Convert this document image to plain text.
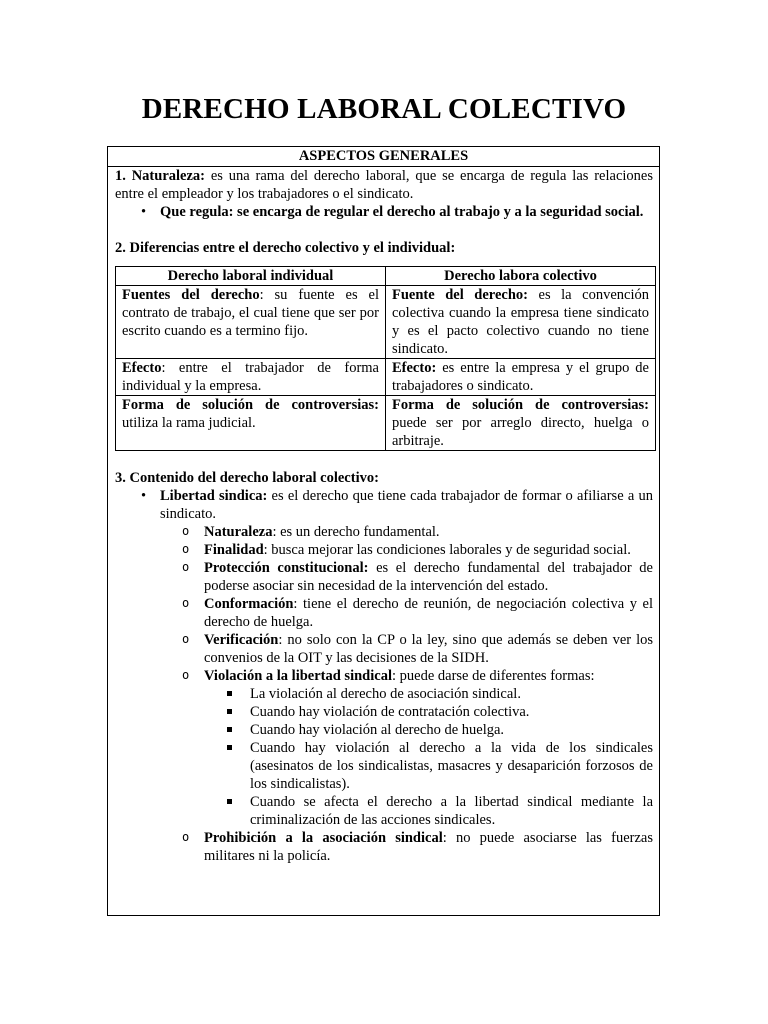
DERECHO LABORAL COLECTIVO
ASPECTOS GENERALES

1. Naturaleza: es una rama del derecho laboral, que se encarga de regula las relaciones entre el empleador y los trabajadores o el sindicato.

• Que regula: se encarga de regular el derecho al trabajo y a la seguridad social.

2. Diferencias entre el derecho colectivo y el individual:

Derecho laboral individual	Derecho labora colectivo
Fuentes del derecho: su fuente es el contrato de trabajo, el cual tiene que ser por escrito cuando es a termino fijo.	Fuente del derecho: es la convención colectiva cuando la empresa tiene sindicato y es el pacto colectivo cuando no tiene sindicato.
Efecto: entre el trabajador de forma individual y la empresa.	Efecto: es entre la empresa y el grupo de trabajadores o sindicato.
Forma de solución de controversias: utiliza la rama judicial.	Forma de solución de controversias: puede ser por arreglo directo, huelga o arbitraje.

3. Contenido del derecho laboral colectivo:

• Libertad sindica: es el derecho que tiene cada trabajador de formar o afiliarse a un sindicato.
o Naturaleza: es un derecho fundamental.
o Finalidad: busca mejorar las condiciones laborales y de seguridad social.
o Protección constitucional: es el derecho fundamental del trabajador de poderse asociar sin necesidad de la intervención del estado.
o Conformación: tiene el derecho de reunión, de negociación colectiva y el derecho de huelga.
o Verificación: no solo con la CP o la ley, sino que además se deben ver los convenios de la OIT y las decisiones de la SIDH.
o Violación a la libertad sindical: puede darse de diferentes formas:
La violación al derecho de asociación sindical.
Cuando hay violación de contratación colectiva.
Cuando hay violación al derecho de huelga.
Cuando hay violación al derecho a la vida de los sindicales (asesinatos de los sindicalistas, masacres y desaparición forzosos de los sindicalistas).
Cuando se afecta el derecho a la libertad sindical mediante la criminalización de las acciones sindicales.
o Prohibición a la asociación sindical: no puede asociarse las fuerzas militares ni la policía.
